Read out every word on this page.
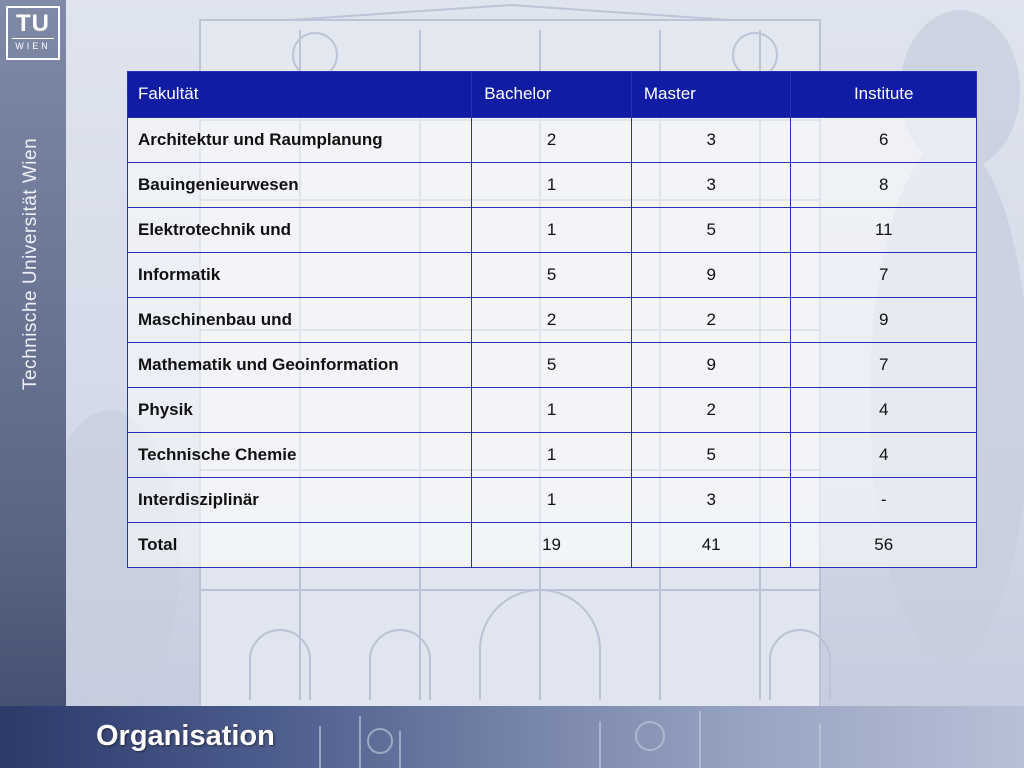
TU
WIEN
Technische Universität Wien
Organisation
Fakultät	Bachelor	Master	Institute
Architektur und Raumplanung	2	3	6
Bauingenieurwesen	1	3	8
Elektrotechnik und	1	5	11
Informatik	5	9	7
Maschinenbau und	2	2	9
Mathematik und Geoinformation	5	9	7
Physik	1	2	4
Technische Chemie	1	5	4
Interdisziplinär	1	3	-
Total	19	41	56
